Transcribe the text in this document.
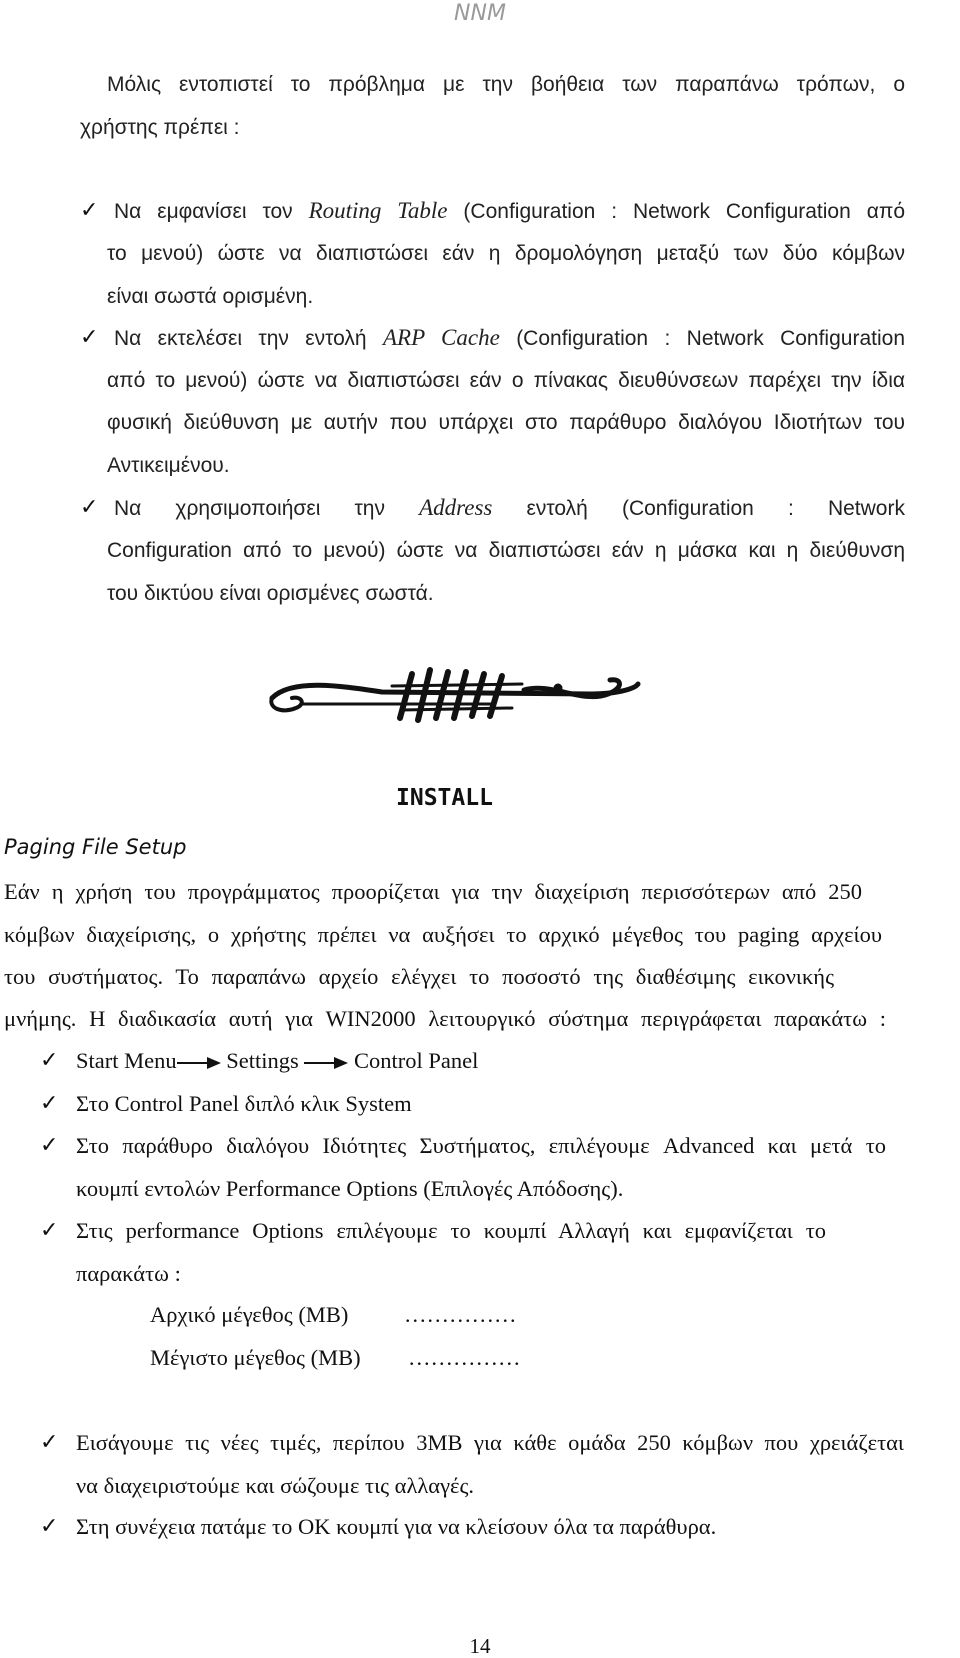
NNM
Μόλις εντοπιστεί το πρόβλημα με την βοήθεια των παραπάνω τρόπων, ο
χρήστης πρέπει :
✓ Να εμφανίσει τον Routing Table (Configuration : Network Configuration από
το μενού) ώστε να διαπιστώσει εάν η δρομολόγηση μεταξύ των δύο κόμβων
είναι σωστά ορισμένη.
✓ Να εκτελέσει την εντολή ARP Cache (Configuration : Network Configuration
από το μενού) ώστε να διαπιστώσει εάν ο πίνακας διευθύνσεων παρέχει την ίδια
φυσική διεύθυνση με αυτήν που υπάρχει στο παράθυρο διαλόγου Ιδιοτήτων του
Αντικειμένου.
✓ Να χρησιμοποιήσει την Address εντολή (Configuration : Network
Configuration από το μενού) ώστε να διαπιστώσει εάν η μάσκα και η διεύθυνση
του δικτύου είναι ορισμένες σωστά.
INSTALL
Paging File Setup
Εάν η χρήση του προγράμματος προορίζεται για την διαχείριση περισσότερων από 250
κόμβων διαχείρισης, ο χρήστης πρέπει να αυξήσει το αρχικό μέγεθος του paging αρχείου
του συστήματος. Το παραπάνω αρχείο ελέγχει το ποσοστό της διαθέσιμης εικονικής
μνήμης. Η διαδικασία αυτή για WIN2000 λειτουργικό σύστημα περιγράφεται παρακάτω :
✓ Start Menu Settings Control Panel
✓ Στο Control Panel διπλό κλικ System
✓ Στο παράθυρο διαλόγου Ιδιότητες Συστήματος, επιλέγουμε Advanced και μετά το
κουμπί εντολών Performance Options (Επιλογές Απόδοσης).
✓ Στις performance Options επιλέγουμε το κουμπί Αλλαγή και εμφανίζεται το
παρακάτω :
Αρχικό μέγεθος (MB) ……………
Μέγιστο μέγεθος (MB) ……………
✓ Εισάγουμε τις νέες τιμές, περίπου 3MB για κάθε ομάδα 250 κόμβων που χρειάζεται
να διαχειριστούμε και σώζουμε τις αλλαγές.
✓ Στη συνέχεια πατάμε το OK κουμπί για να κλείσουν όλα τα παράθυρα.
14
